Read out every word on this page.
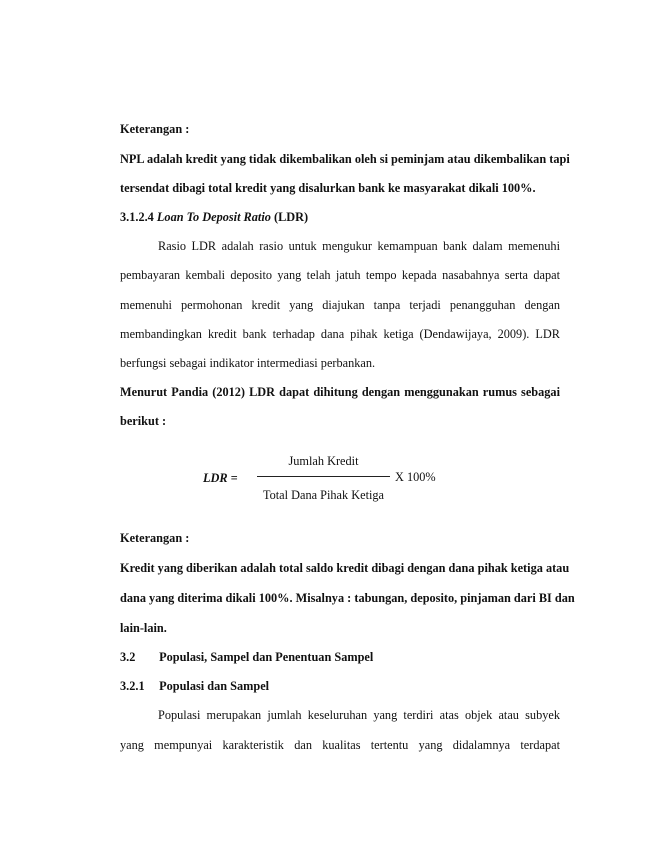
Keterangan :
NPL adalah kredit yang tidak dikembalikan oleh si peminjam atau dikembalikan tapi
tersendat dibagi total kredit yang disalurkan bank ke masyarakat dikali 100%.
3.1.2.4 Loan To Deposit Ratio (LDR)
Rasio LDR adalah rasio untuk mengukur kemampuan bank dalam memenuhi
pembayaran kembali deposito yang telah jatuh tempo kepada nasabahnya serta dapat
memenuhi permohonan kredit yang diajukan tanpa terjadi penangguhan dengan
membandingkan kredit bank terhadap dana pihak ketiga (Dendawijaya, 2009). LDR
berfungsi sebagai indikator intermediasi perbankan.
Menurut Pandia (2012) LDR dapat dihitung dengan menggunakan rumus sebagai
berikut :
LDR =
Jumlah Kredit
X 100%
Total Dana Pihak Ketiga
Keterangan :
Kredit yang diberikan adalah total saldo kredit dibagi dengan dana pihak ketiga atau
dana yang diterima dikali 100%. Misalnya : tabungan, deposito, pinjaman dari BI dan
lain-lain.
3.2 Populasi, Sampel dan Penentuan Sampel
3.2.1 Populasi dan Sampel
Populasi merupakan jumlah keseluruhan yang terdiri atas objek atau subyek
yang mempunyai karakteristik dan kualitas tertentu yang didalamnya terdapat
